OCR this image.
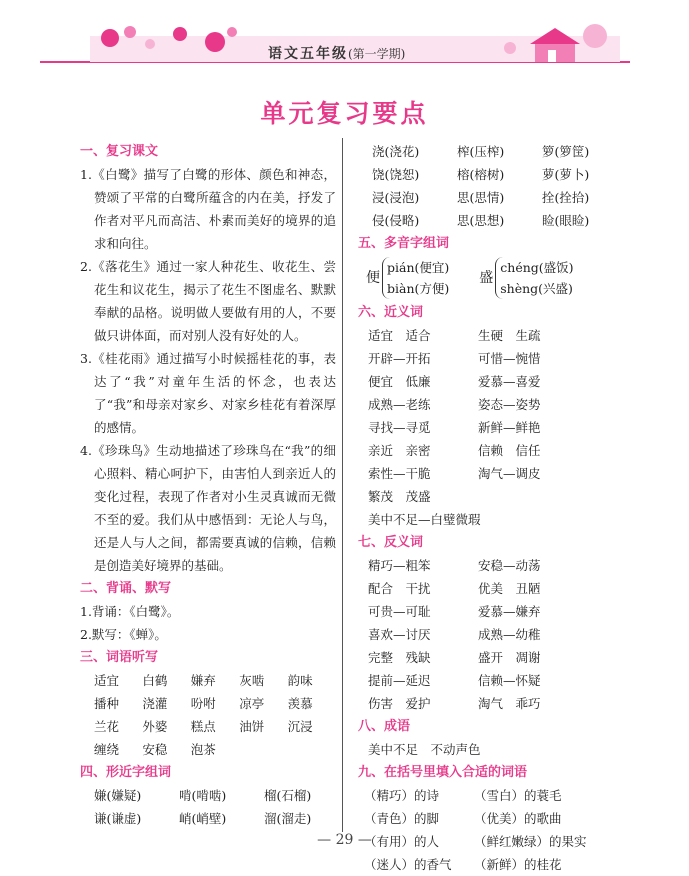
语文五年级(第一学期)
单元复习要点
一、复习课文
1.《白鹭》描写了白鹭的形体、颜色和神态，赞颂了平常的白鹭所蕴含的内在美，抒发了作者对平凡而高洁、朴素而美好的境界的追求和向往。
2.《落花生》通过一家人种花生、收花生、尝花生和议花生，揭示了花生不图虚名、默默奉献的品格。说明做人要做有用的人，不要做只讲体面，而对别人没有好处的人。
3.《桂花雨》通过描写小时候摇桂花的事，表达了“我”对童年生活的怀念，也表达了“我”和母亲对家乡、对家乡桂花有着深厚的感情。
4.《珍珠鸟》生动地描述了珍珠鸟在“我”的细心照料、精心呵护下，由害怕人到亲近人的变化过程，表现了作者对小生灵真诚而无微不至的爱。我们从中感悟到：无论人与鸟，还是人与人之间，都需要真诚的信赖，信赖是创造美好境界的基础。
二、背诵、默写
1.背诵：《白鹭》。
2.默写：《蝉》。
三、词语听写
适宜	白鹤	嫌弃	灰啮	韵味
播种	浇灌	吩咐	凉亭	羡慕
兰花	外婆	糕点	油饼	沉浸
缠绕	安稳	泡茶
四、形近字组词
嫌(嫌疑)	啃(啃啮)	榴(石榴)
谦(谦虚)	峭(峭壁)	溜(溜走)
浇(浇花)	榨(压榨)	箩(箩筐)
饶(饶恕)	榕(榕树)	萝(萝卜)
浸(浸泡)	思(思情)	拴(拴拾)
侵(侵略)	思(思想)	睑(眼睑)
五、多音字组词
便
pián(便宜)
biàn(方便)
盛
chéng(盛饭)
shèng(兴盛)
六、近义词
适宜　适合	生硬　生疏
开辟—开拓	可惜—惋惜
便宜　低廉	爱慕—喜爱
成熟—老练	姿态—姿势
寻找—寻觅	新鲜—鲜艳
亲近　亲密	信赖　信任
索性—干脆	淘气—调皮
繁茂　茂盛
美中不足—白璧微瑕
七、反义词
精巧—粗笨	安稳—动荡
配合　干扰	优美　丑陋
可贵—可耻	爱慕—嫌弃
喜欢—讨厌	成熟—幼稚
完整　残缺	盛开　凋谢
提前—延迟	信赖—怀疑
伤害　爱护	淘气　乖巧
八、成语
美中不足　不动声色
九、在括号里填入合适的词语
（精巧）的诗	（雪白）的蓑毛
（青色）的脚	（优美）的歌曲
（有用）的人	（鲜红嫩绿）的果实
（迷人）的香气	（新鲜）的桂花
— 29 —
